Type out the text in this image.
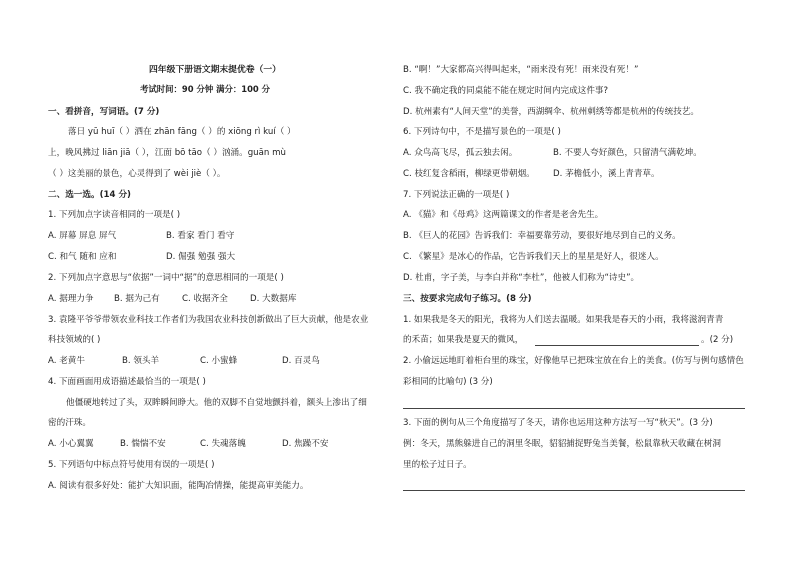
四年级下册语文期末提优卷（一）
考试时间：90 分钟 满分：100 分
一、看拼音，写词语。(7 分)
落日 yū huī（ ）洒在 zhān fāng（ ）的 xiōng rì kuí（ ）
上，晚风拂过 liān jiā（ ），江面 bō tāo（ ）汹涌。guān mù
（ ）这美丽的景色，心灵得到了 wèi jiè（ ）。
二、选一选。(14 分)
1. 下列加点字读音相同的一项是( )
A. 屏幕 屏息 屏气	B. 看家 看门 看守
C. 和气 随和 应和	D. 倔强 勉强 强大
2. 下列加点字意思与“依据”一词中“据”的意思相同的一项是( )
A. 据理力争 B. 据为己有	C. 收据齐全	D. 大数据库
3. 袁隆平爷爷带领农业科技工作者们为我国农业科技创新做出了巨大贡献，他是农业
科技领域的( )
A. 老黄牛	B. 领头羊	C. 小蜜蜂	D. 百灵鸟
4. 下面画面用成语描述最恰当的一项是( )
他僵硬地转过了头，双眸瞬间睁大。他的双脚不自觉地颤抖着，额头上渗出了细
密的汗珠。
A. 小心翼翼	B. 惴惴不安	C. 失魂落魄	D. 焦躁不安
5. 下列语句中标点符号使用有误的一项是( )
A. 阅读有很多好处：能扩大知识面，能陶冶情操，能提高审美能力。
B. “啊！”大家都高兴得叫起来，“雨来没有死！雨来没有死！”
C. 我不确定我的同桌能不能在规定时间内完成这件事?
D. 杭州素有“人间天堂”的美誉，西湖绸伞、杭州刺绣等都是杭州的传统技艺。
6. 下列诗句中，不是描写景色的一项是( )
A. 众鸟高飞尽，孤云独去闲。	B. 不要人夸好颜色，只留清气满乾坤。
C. 枝红复含稻雨，柳绿更带朝烟。 D. 茅檐低小，溪上青青草。
7. 下列说法正确的一项是( )
A. 《猫》和《母鸡》这两篇课文的作者是老舍先生。
B. 《巨人的花园》告诉我们：幸福要靠劳动，要很好地尽到自己的义务。
C. 《繁星》是冰心的作品，它告诉我们天上的星星是好人，很迷人。
D. 杜甫，字子美，与李白并称“李杜”，他被人们称为“诗史”。
三、按要求完成句子练习。(8 分)
1. 如果我是冬天的阳光，我将为人们送去温暖。如果我是春天的小雨，我将滋润青青
的禾苗；如果我是夏天的微风，	。(2 分)
2. 小偷远远地盯着柜台里的珠宝，好像他早已把珠宝放在台上的美食。(仿写与例句感情色
彩相同的比喻句) (3 分)
3. 下面的例句从三个角度描写了冬天，请你也运用这种方法写一写“秋天”。(3 分)
例：冬天，黑熊躲进自己的洞里冬眠，貂貂捕捉野兔当美餐，松鼠靠秋天收藏在树洞
里的松子过日子。
